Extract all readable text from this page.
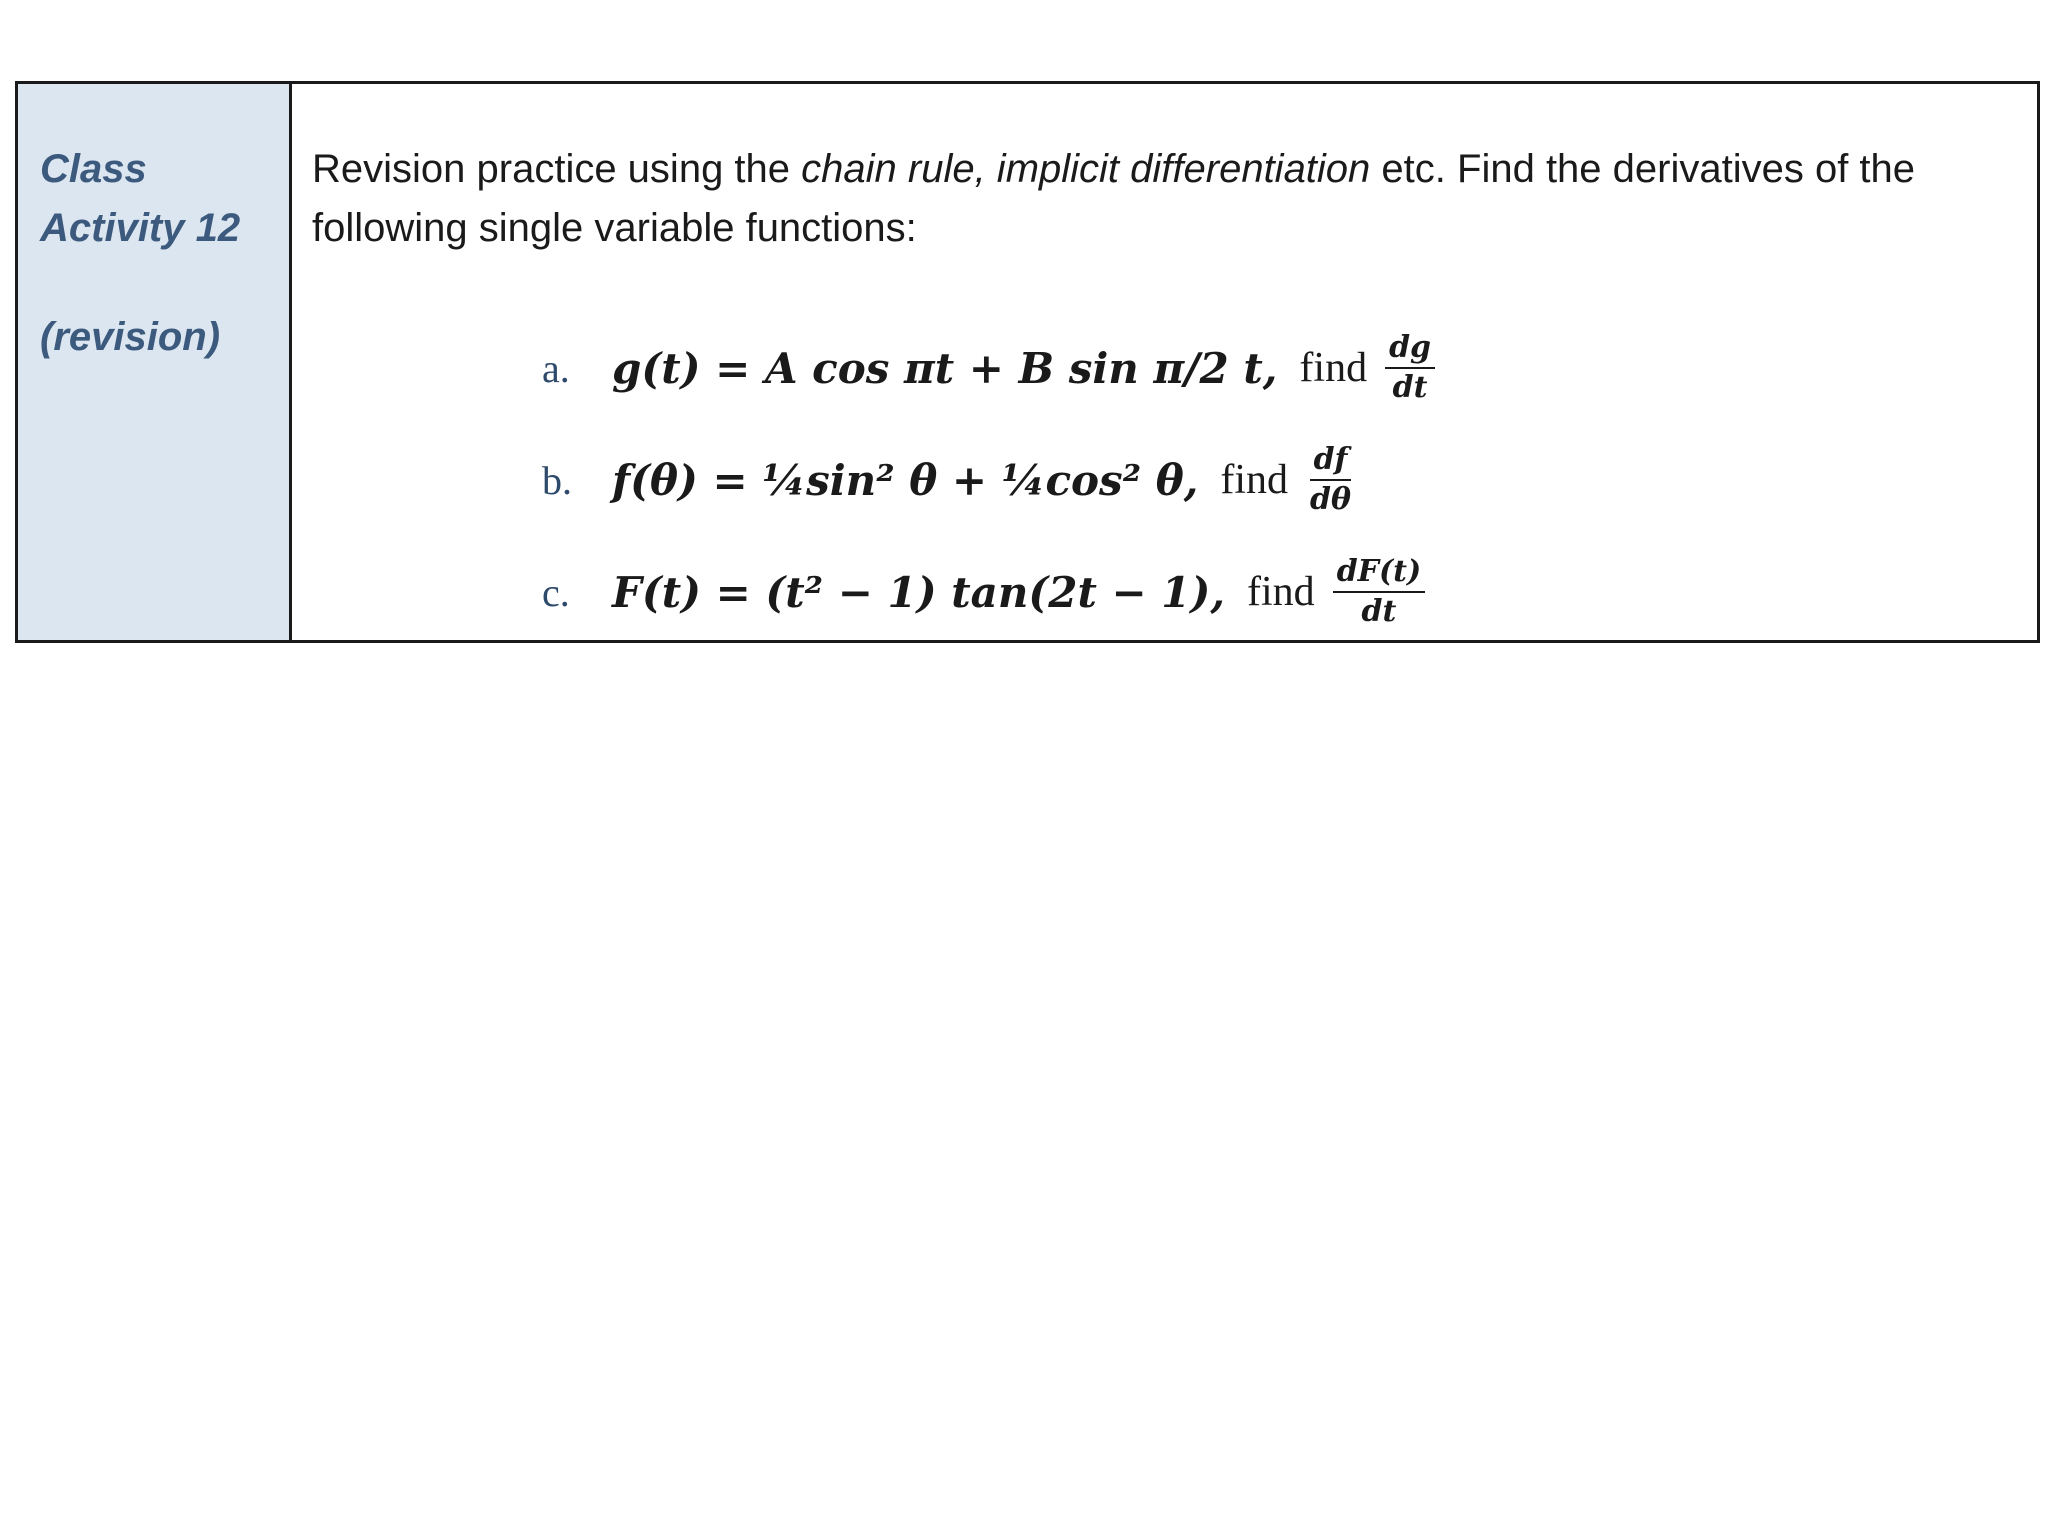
Class
Activity 12
(revision)

Revision practice using the chain rule, implicit differentiation etc. Find the derivatives of the following single variable functions:

a.	g(t) = A cos πt + B sin π/2 t, find $\frac{dg}{dt}$
b. f(θ) = ¼sin² θ + ¼cos² θ, find $\frac{df}{d\theta}$
c.	F(t) = (t² − 1) tan(2t − 1), find $\frac{dF(t)}{dt}$
